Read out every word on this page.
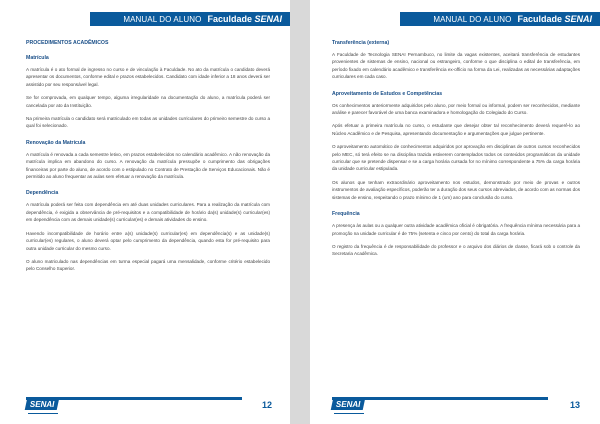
MANUAL DO ALUNO Faculdade SENAI
PROCEDIMENTOS ACADÊMICOS
Matrícula
A matrícula é o ato formal de ingresso no curso e de vinculação à Faculdade. No ato da matrícula o candidato deverá apresentar os documentos, conforme edital e prazos estabelecidos. Candidato com idade inferior a 18 anos deverá ser assistido por seu responsável legal.
Se for comprovada, em qualquer tempo, alguma irregularidade na documentação do aluno, a matrícula poderá ser cancelada por ato da Instituição.
Na primeira matrícula o candidato será matriculado em todas as unidades curriculares do primeiro semestre do curso a qual foi selecionado.
Renovação da Matrícula
A matrícula é renovada a cada semestre letivo, em prazos estabelecidos no calendário acadêmico. A não renovação da matrícula implica em abandono do curso. A renovação da matrícula pressupõe o cumprimento das obrigações financeiras por parte do aluno, de acordo com o estipulado no Contrato de Prestação de Serviços Educacionais. Não é permitido ao aluno frequentar as aulas sem efetuar a renovação da matrícula.
Dependência
A matrícula poderá ser feita com dependência em até duas unidades curriculares. Para a realização da matrícula com dependência, é exigida a observância de pré-requisitos e a compatibilidade de horário da(s) unidade(s) curricular(es) em dependência com as demais unidade(s) curricular(es) e demais atividades do ensino.
Havendo incompatibilidade de horário entre a(s) unidade(s) curricular(es) em dependência(s) e as unidade(s) curricular(es) regulares, o aluno deverá optar pelo cumprimento da dependência, quando esta for pré-requisito para outra unidade curricular do mesmo curso.
O aluno matriculado nas dependências em turma especial pagará uma mensalidade, conforme critério estabelecido pelo Conselho Superior.
SENAI	12
MANUAL DO ALUNO Faculdade SENAI
Transferência (externa)
A Faculdade de Tecnologia SENAI Pernambuco, no limite da vagas existentes, aceitará transferência de estudantes provenientes de sistemas de ensino, nacional ou estrangeiro, conforme o que disciplina o edital de transferência, em período fixado em calendário acadêmico e transferência ex-officio na forma da Lei, realizadas as necessárias adaptações curriculares em cada caso.
Aproveitamento de Estudos e Competências
Os conhecimentos anteriormente adquiridos pelo aluno, por meio formal ou informal, podem ser reconhecidos, mediante análise e parecer favorável de uma banca examinadora e homologação do Colegiado do Curso.
Após efetuar a primeira matrícula no curso, o estudante que desejar obter tal reconhecimento deverá requerê-lo ao Núcleo Acadêmico e de Pesquisa, apresentando documentação e argumentações que julgue pertinente.
O aproveitamento automático de conhecimentos adquiridos por aprovação em disciplinas de outros cursos reconhecidos pelo MEC, só terá efeito se na disciplina trazida estiverem contemplados todos os conteúdos programáticos da unidade curricular que se pretende dispensar e se a carga horária cursada for no mínimo correspondente a 75% da carga horária da unidade curricular estipulada.
Os alunos que tenham extraordinário aproveitamento nos estudos, demonstrado por meio de provas e outros instrumentos de avaliação específicos, poderão ter a duração dos seus cursos abreviados, de acordo com as normas dos sistemas de ensino, respeitando o prazo mínimo de 1 (um) ano para conclusão do curso.
Frequência
A presença às aulas ou a qualquer outra atividade acadêmica oficial é obrigatória. A frequência mínima necessária para a promoção na unidade curricular é de 75% (setenta e cinco por cento) do total da carga horária.
O registro da frequência é de responsabilidade do professor e o arquivo dos diários de classe, ficará sob o controle da Secretaria Acadêmica.
SENAI	13
